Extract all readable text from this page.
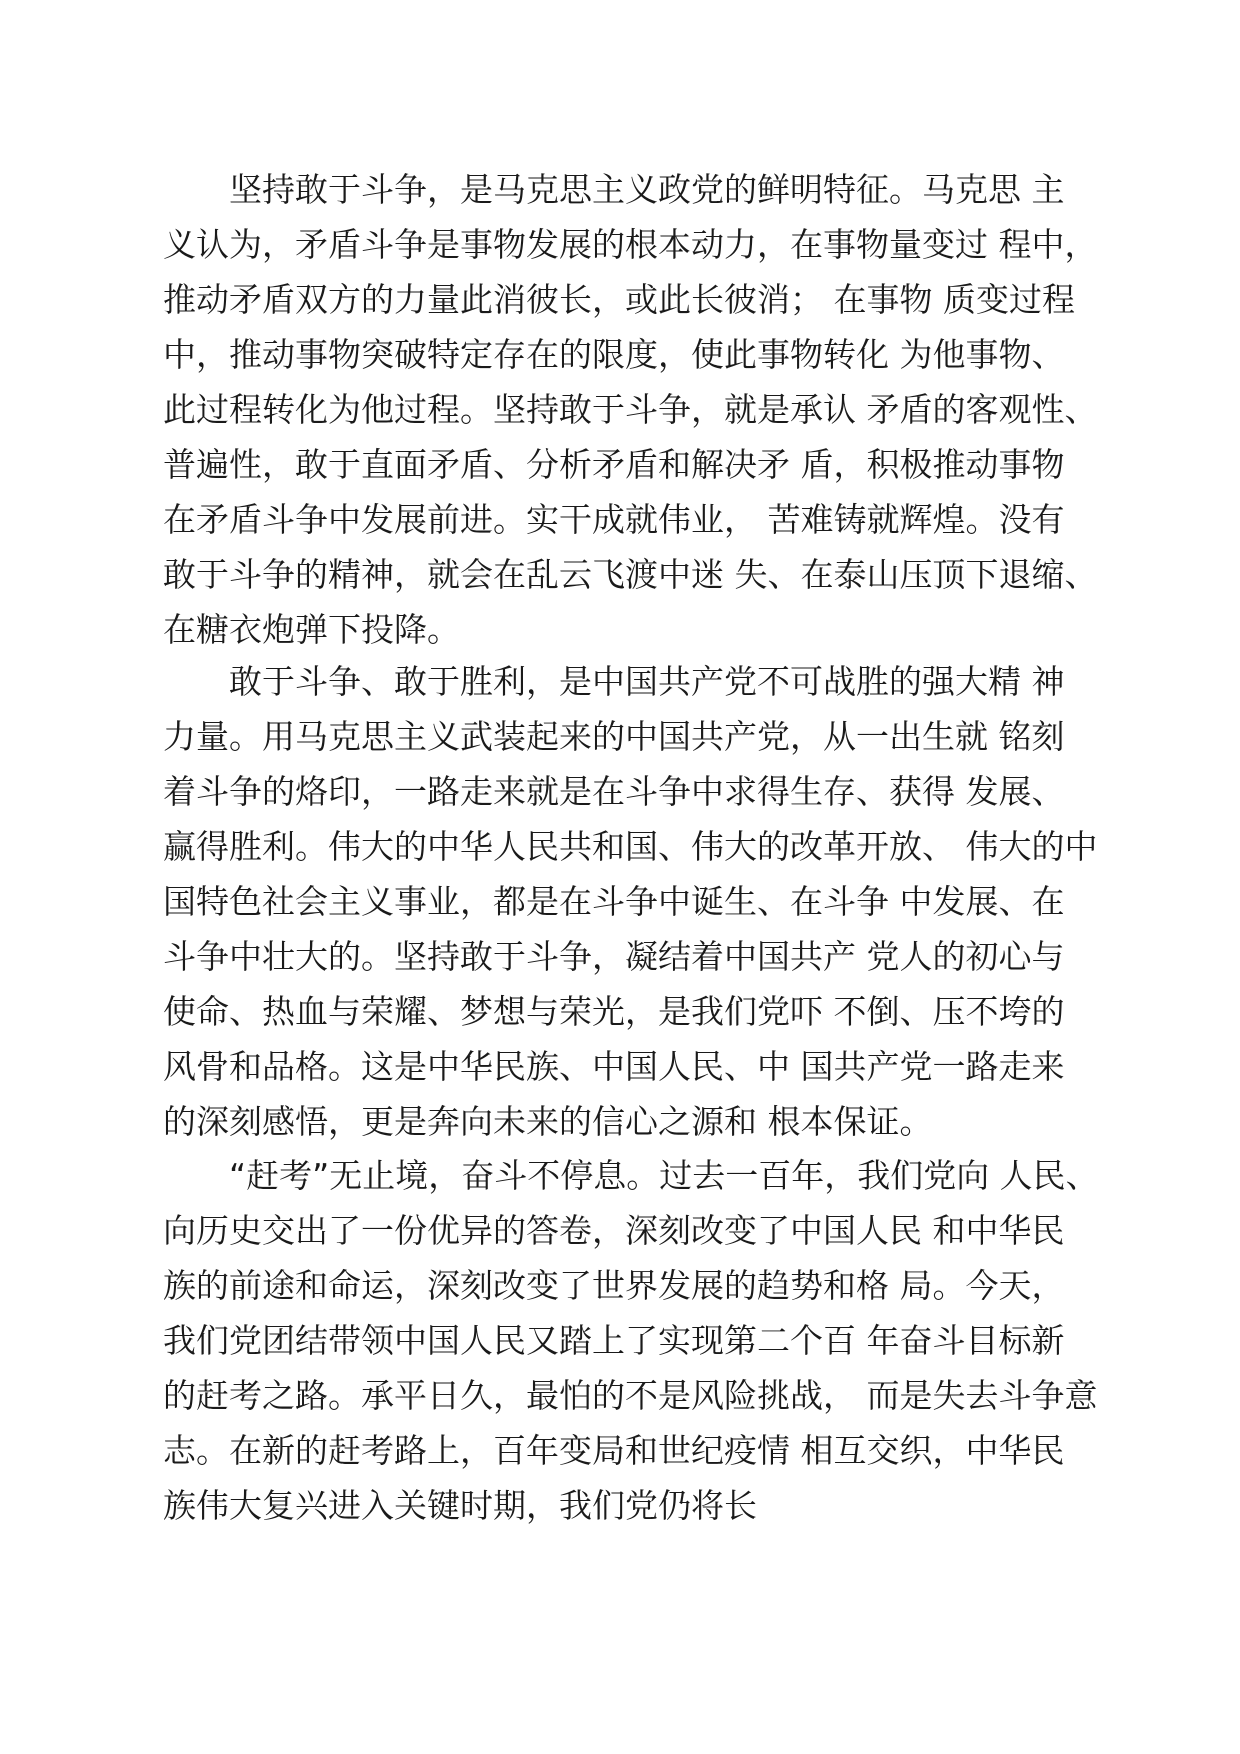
坚持敢于斗争，是马克思主义政党的鲜明特征。马克思 主
义认为，矛盾斗争是事物发展的根本动力，在事物量变过 程中，
推动矛盾双方的力量此消彼长，或此长彼消； 在事物 质变过程
中，推动事物突破特定存在的限度，使此事物转化 为他事物、
此过程转化为他过程。坚持敢于斗争，就是承认 矛盾的客观性、
普遍性，敢于直面矛盾、分析矛盾和解决矛 盾，积极推动事物
在矛盾斗争中发展前进。实干成就伟业， 苦难铸就辉煌。没有
敢于斗争的精神，就会在乱云飞渡中迷 失、在泰山压顶下退缩、
在糖衣炮弹下投降。
敢于斗争、敢于胜利，是中国共产党不可战胜的强大精 神
力量。用马克思主义武装起来的中国共产党，从一出生就 铭刻
着斗争的烙印，一路走来就是在斗争中求得生存、获得 发展、
赢得胜利。伟大的中华人民共和国、伟大的改革开放、 伟大的中
国特色社会主义事业，都是在斗争中诞生、在斗争 中发展、在
斗争中壮大的。坚持敢于斗争，凝结着中国共产 党人的初心与
使命、热血与荣耀、梦想与荣光，是我们党吓 不倒、压不垮的
风骨和品格。这是中华民族、中国人民、中 国共产党一路走来
的深刻感悟，更是奔向未来的信心之源和 根本保证。
“赶考”无止境，奋斗不停息。过去一百年，我们党向 人民、
向历史交出了一份优异的答卷，深刻改变了中国人民 和中华民
族的前途和命运，深刻改变了世界发展的趋势和格 局。今天，
我们党团结带领中国人民又踏上了实现第二个百 年奋斗目标新
的赶考之路。承平日久，最怕的不是风险挑战， 而是失去斗争意
志。在新的赶考路上，百年变局和世纪疫情 相互交织，中华民
族伟大复兴进入关键时期，我们党仍将长
